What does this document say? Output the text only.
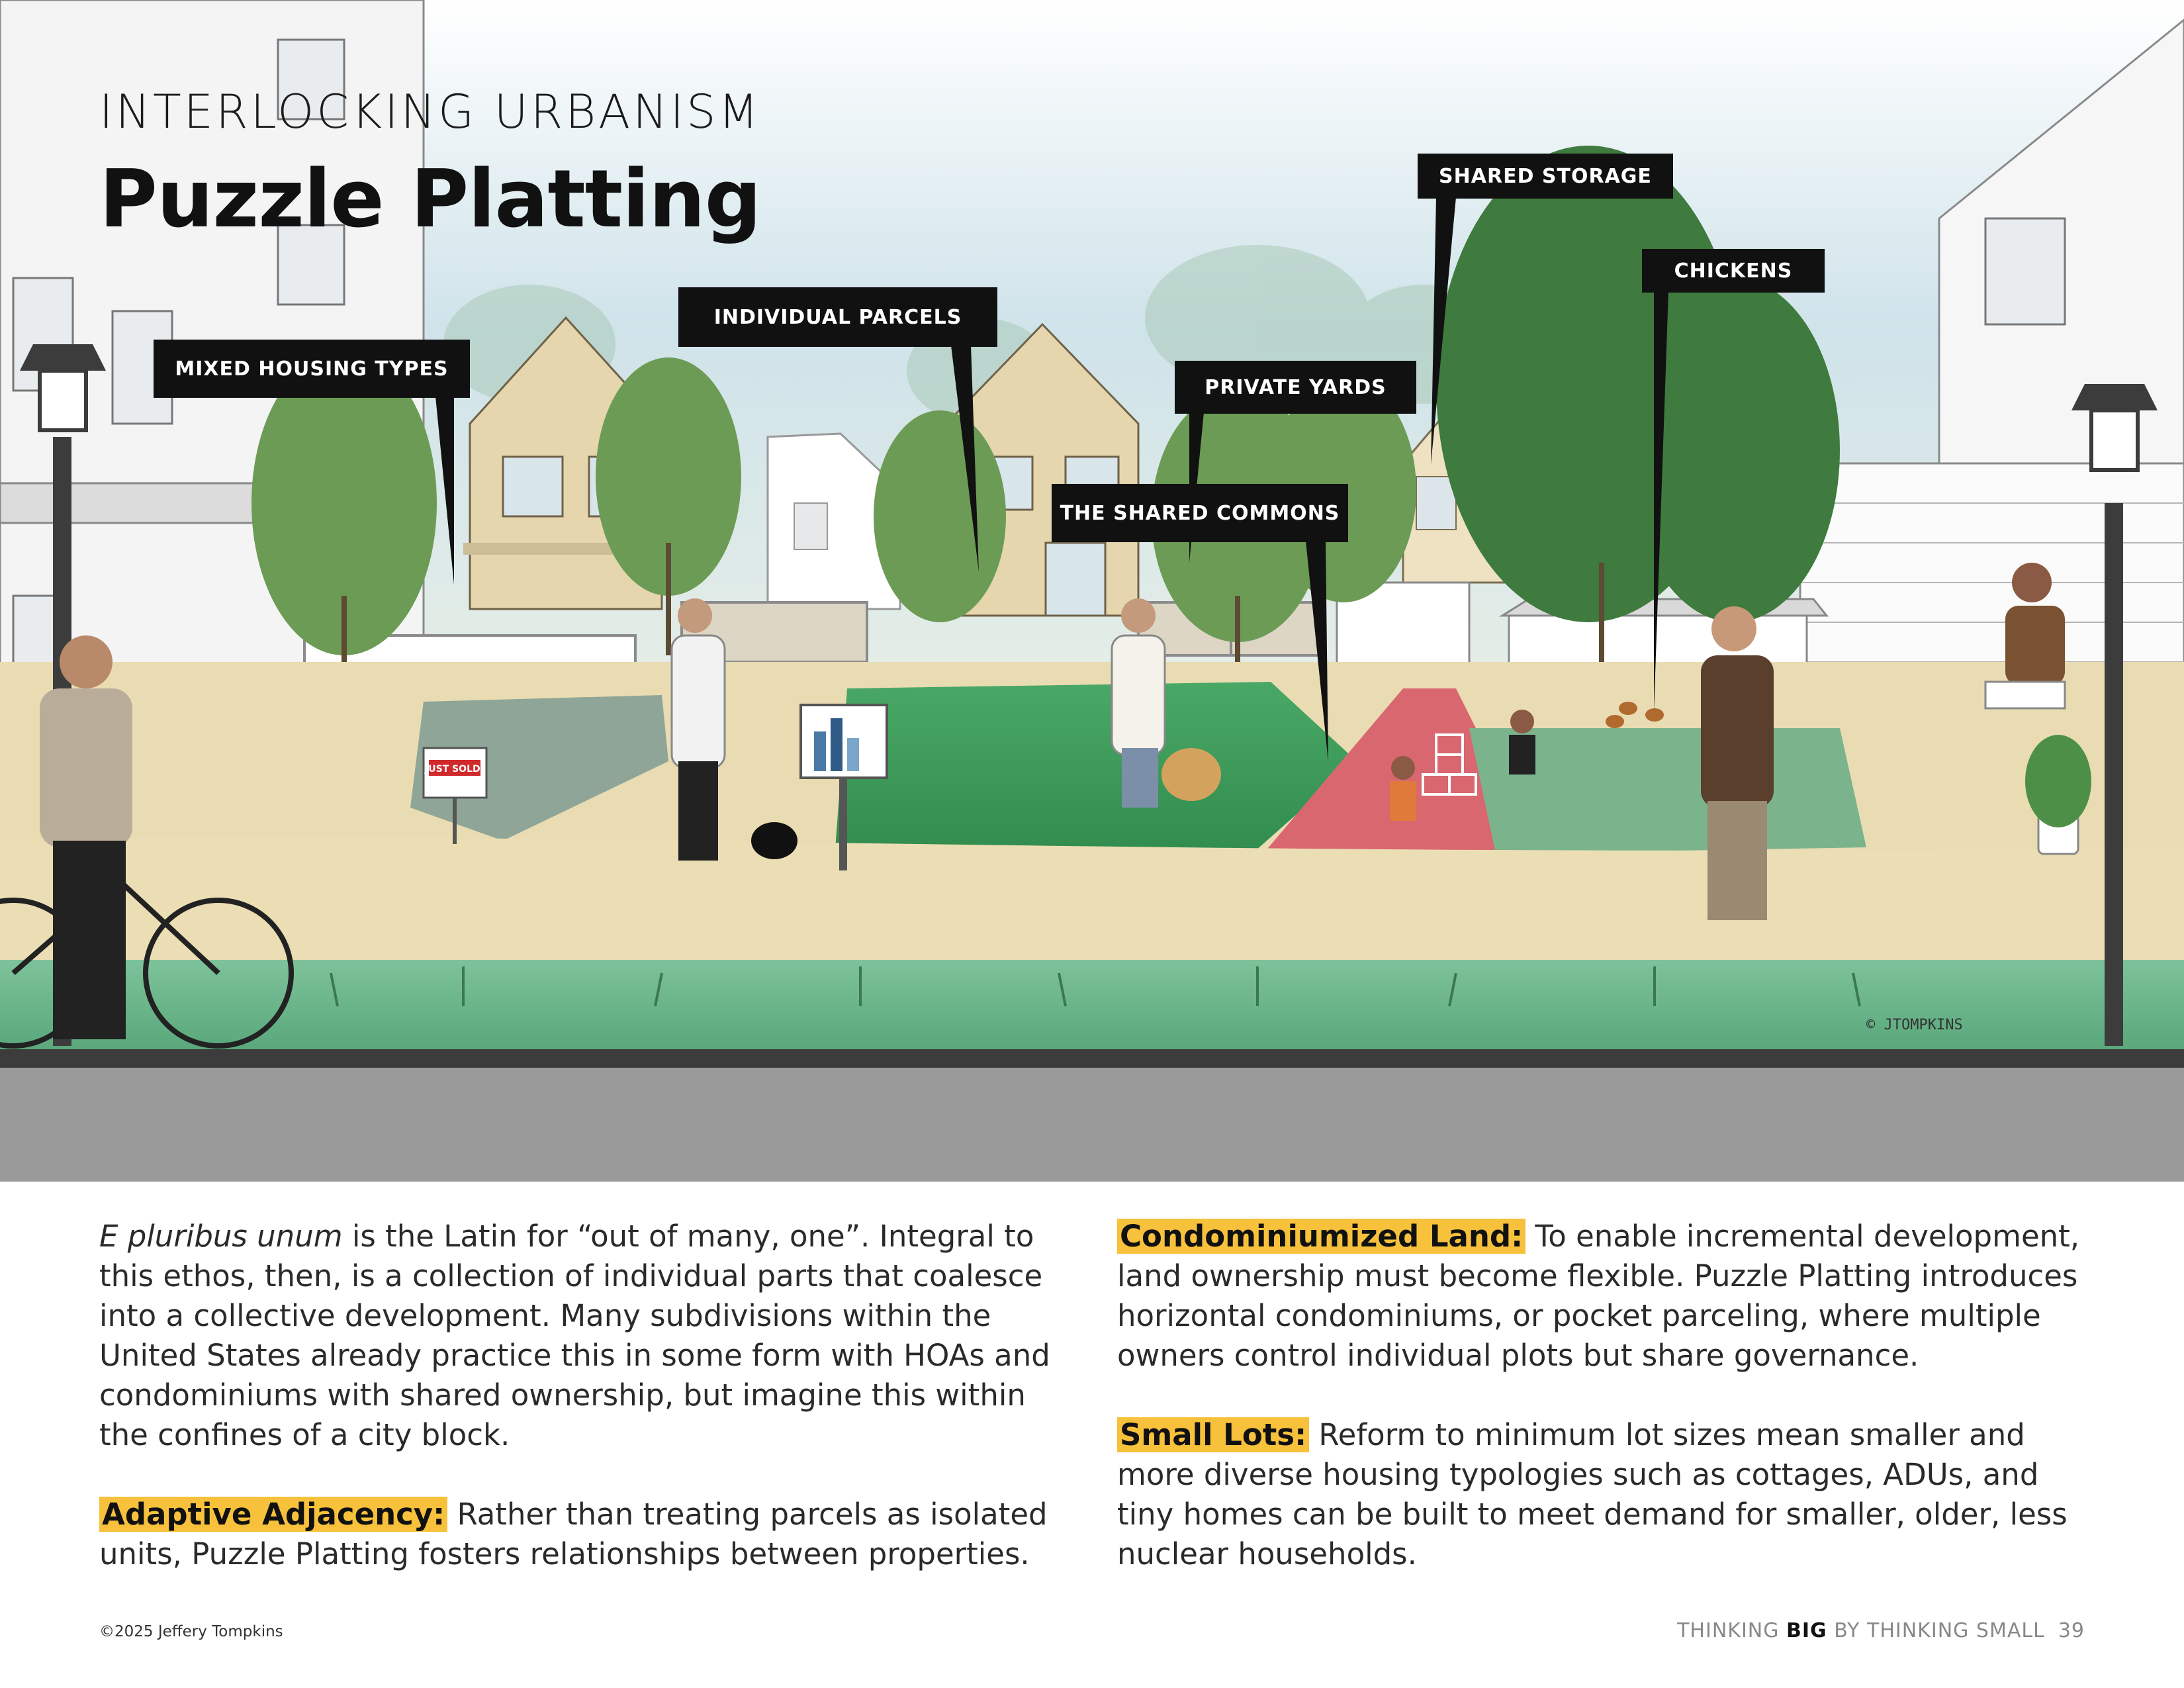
JUST SOLD!
© JTOMPKINS
INTERLOCKING URBANISM
Puzzle Platting
MIXED HOUSING TYPES
INDIVIDUAL PARCELS
SHARED STORAGE
CHICKENS
PRIVATE YARDS
THE SHARED COMMONS

E pluribus unum is the Latin for “out of many, one”. Integral to this ethos, then, is a collection of individual parts that coalesce into a collective development. Many subdivisions within the United States already practice this in some form with HOAs and condominiums with shared ownership, but imagine this within the confines of a city block.

Adaptive Adjacency: Rather than treating parcels as isolated units, Puzzle Platting fosters relationships between properties.

Condominiumized Land: To enable incremental development, land ownership must become flexible. Puzzle Platting introduces horizontal condominiums, or pocket parceling, where multiple owners control individual plots but share governance.

Small Lots: Reform to minimum lot sizes mean smaller and more diverse housing typologies such as cottages, ADUs, and tiny homes can be built to meet demand for smaller, older, less nuclear households.

©2025 Jeffery Tompkins	THINKING BIG BY THINKING SMALL 39
